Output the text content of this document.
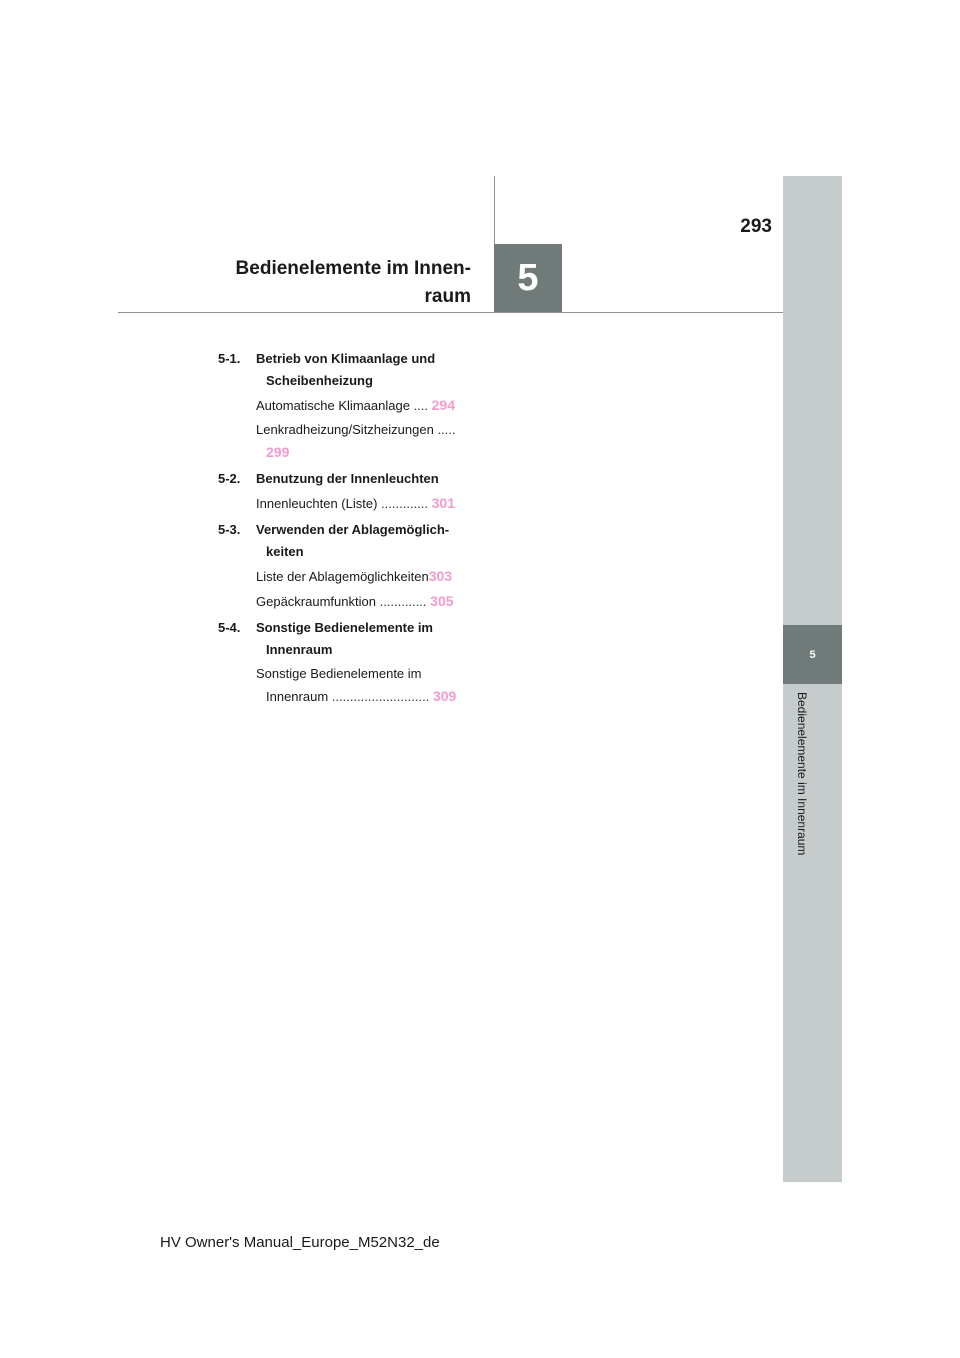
5
Bedienelemente im Innenraum
5
293
Bedienelemente im Innen-
raum
5-1. Betrieb von Klimaanlage und
Scheibenheizung
Automatische Klimaanlage .... 294
Lenkradheizung/Sitzheizungen .....
299
5-2. Benutzung der Innenleuchten
Innenleuchten (Liste) ............. 301
5-3. Verwenden der Ablagemöglich-
keiten
Liste der Ablagemöglichkeiten303
Gepäckraumfunktion ............. 305
5-4. Sonstige Bedienelemente im
Innenraum
Sonstige Bedienelemente im
Innenraum ........................... 309
HV Owner's Manual_Europe_M52N32_de
